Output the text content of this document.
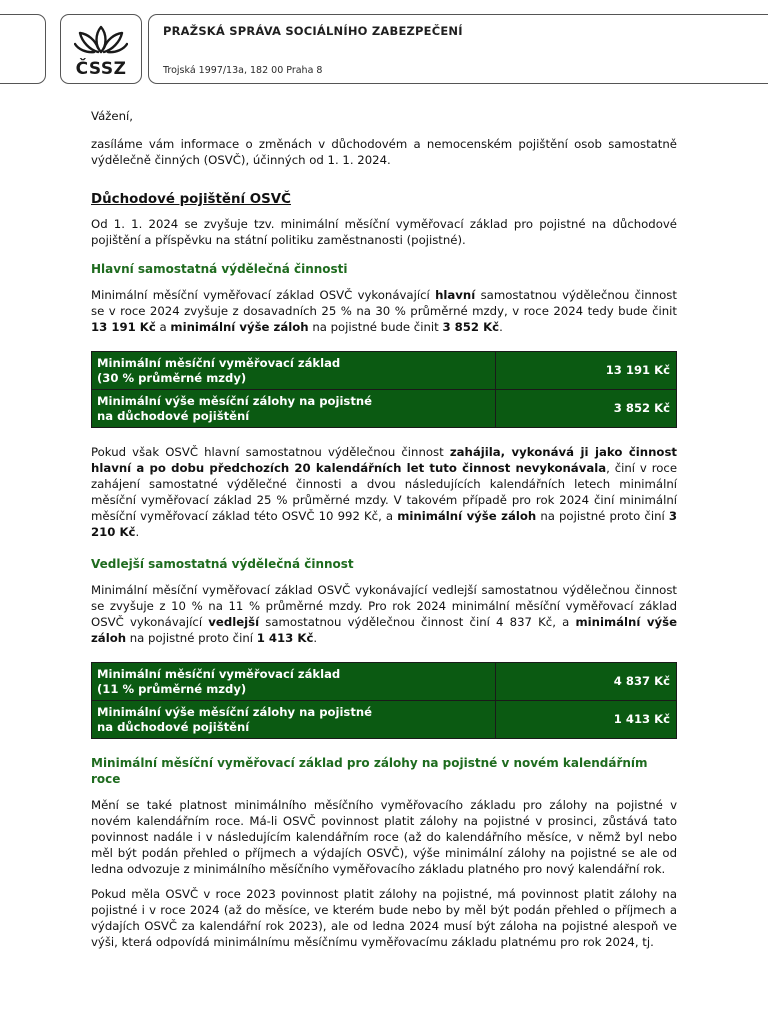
ČSSZ
PRAŽSKÁ SPRÁVA SOCIÁLNÍHO ZABEZPEČENÍ
Trojská 1997/13a, 182 00 Praha 8

Vážení,

zasíláme vám informace o změnách v důchodovém a nemocenském pojištění osob samostatně výdělečně činných (OSVČ), účinných od 1. 1. 2024.

Důchodové pojištění OSVČ

Od 1. 1. 2024 se zvyšuje tzv. minimální měsíční vyměřovací základ pro pojistné na důchodové pojištění a příspěvku na státní politiku zaměstnanosti (pojistné).

Hlavní samostatná výdělečná činnosti

Minimální měsíční vyměřovací základ OSVČ vykonávající hlavní samostatnou výdělečnou činnost se v roce 2024 zvyšuje z dosavadních 25 % na 30 % průměrné mzdy, v roce 2024 tedy bude činit 13 191 Kč a minimální výše záloh na pojistné bude činit 3 852 Kč.

Minimální měsíční vyměřovací základ
(30 % průměrné mzdy)	13 191 Kč
Minimální výše měsíční zálohy na pojistné
na důchodové pojištění	3 852 Kč

Pokud však OSVČ hlavní samostatnou výdělečnou činnost zahájila, vykonává ji jako činnost hlavní a po dobu předchozích 20 kalendářních let tuto činnost nevykonávala, činí v roce zahájení samostatné výdělečné činnosti a dvou následujících kalendářních letech minimální měsíční vyměřovací základ 25 % průměrné mzdy. V takovém případě pro rok 2024 činí minimální měsíční vyměřovací základ této OSVČ 10 992 Kč, a minimální výše záloh na pojistné proto činí 3 210 Kč.

Vedlejší samostatná výdělečná činnost

Minimální měsíční vyměřovací základ OSVČ vykonávající vedlejší samostatnou výdělečnou činnost se zvyšuje z 10 % na 11 % průměrné mzdy. Pro rok 2024 minimální měsíční vyměřovací základ OSVČ vykonávající vedlejší samostatnou výdělečnou činnost činí 4 837 Kč, a minimální výše záloh na pojistné proto činí 1 413 Kč.

Minimální měsíční vyměřovací základ
(11 % průměrné mzdy)	4 837 Kč
Minimální výše měsíční zálohy na pojistné
na důchodové pojištění	1 413 Kč
Minimální měsíční vyměřovací základ pro zálohy na pojistné v novém kalendářním roce

Mění se také platnost minimálního měsíčního vyměřovacího základu pro zálohy na pojistné v novém kalendářním roce. Má-li OSVČ povinnost platit zálohy na pojistné v prosinci, zůstává tato povinnost nadále i v následujícím kalendářním roce (až do kalendářního měsíce, v němž byl nebo měl být podán přehled o příjmech a výdajích OSVČ), výše minimální zálohy na pojistné se ale od ledna odvozuje z minimálního měsíčního vyměřovacího základu platného pro nový kalendářní rok.

Pokud měla OSVČ v roce 2023 povinnost platit zálohy na pojistné, má povinnost platit zálohy na pojistné i v roce 2024 (až do měsíce, ve kterém bude nebo by měl být podán přehled o příjmech a výdajích OSVČ za kalendářní rok 2023), ale od ledna 2024 musí být záloha na pojistné alespoň ve výši, která odpovídá minimálnímu měsíčnímu vyměřovacímu základu platnému pro rok 2024, tj.
